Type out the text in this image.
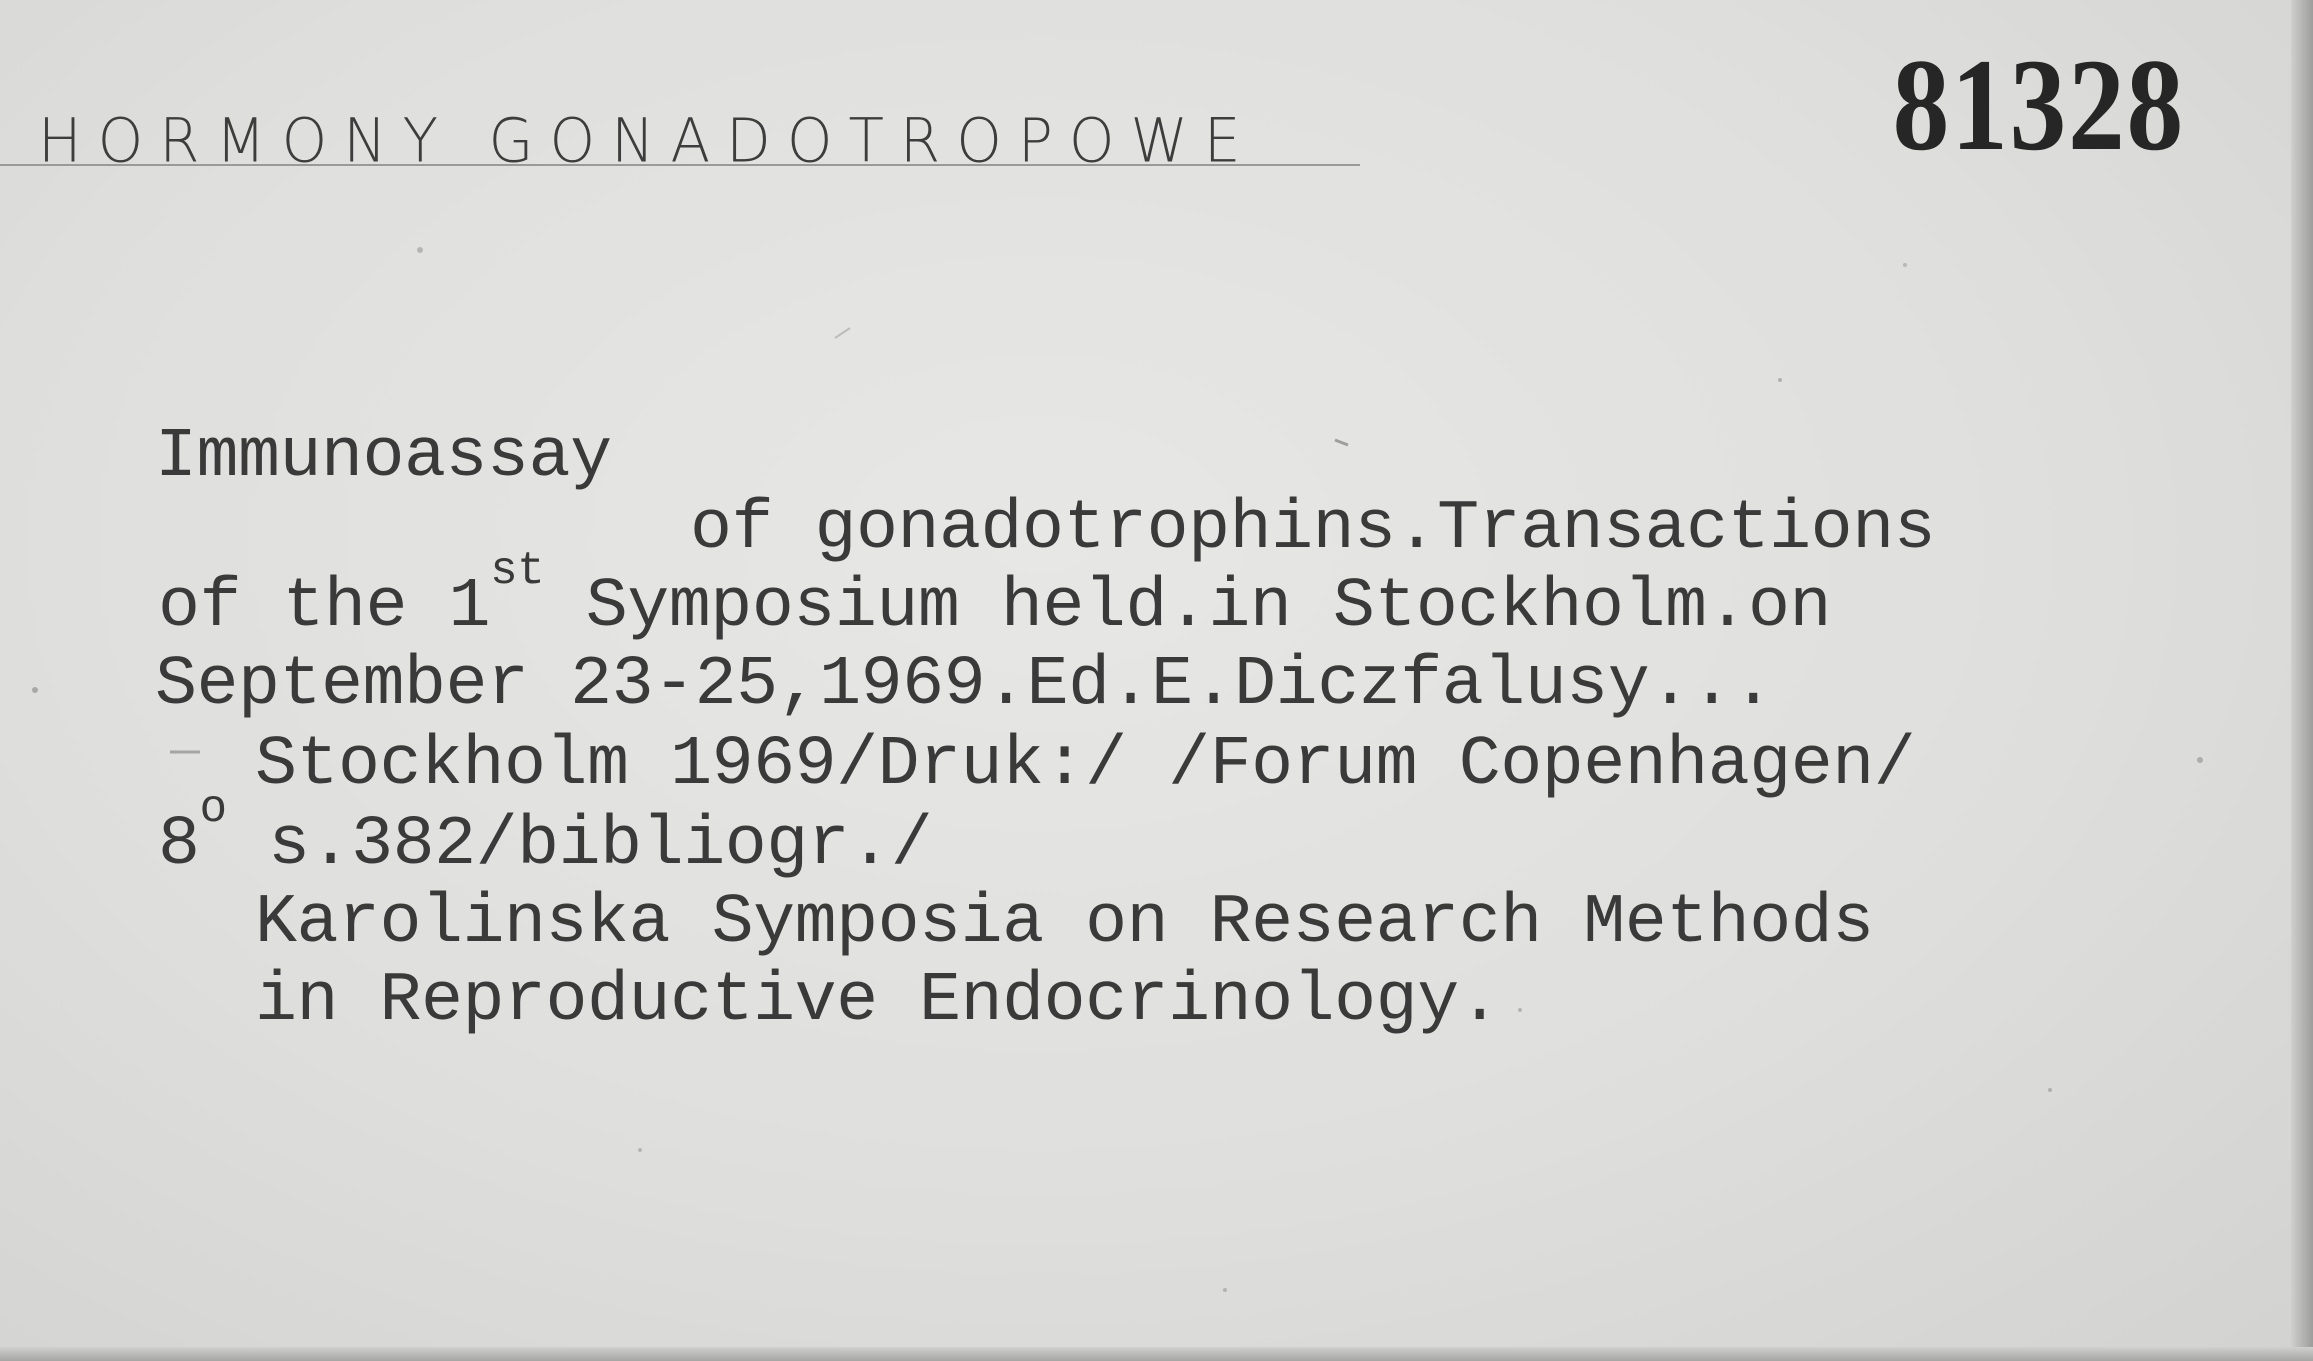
HORMONY GONADOTROPOWE	81328
Immunoassay
of gonadotrophins.Transactions
of the 1st Symposium held.in Stockholm.on
September 23-25,1969.Ed.E.Diczfalusy...
Stockholm 1969/Druk:/ /Forum Copenhagen/
8$^o$ s.382/bibliogr./
Karolinska Symposia on Research Methods
in Reproductive Endocrinology.
